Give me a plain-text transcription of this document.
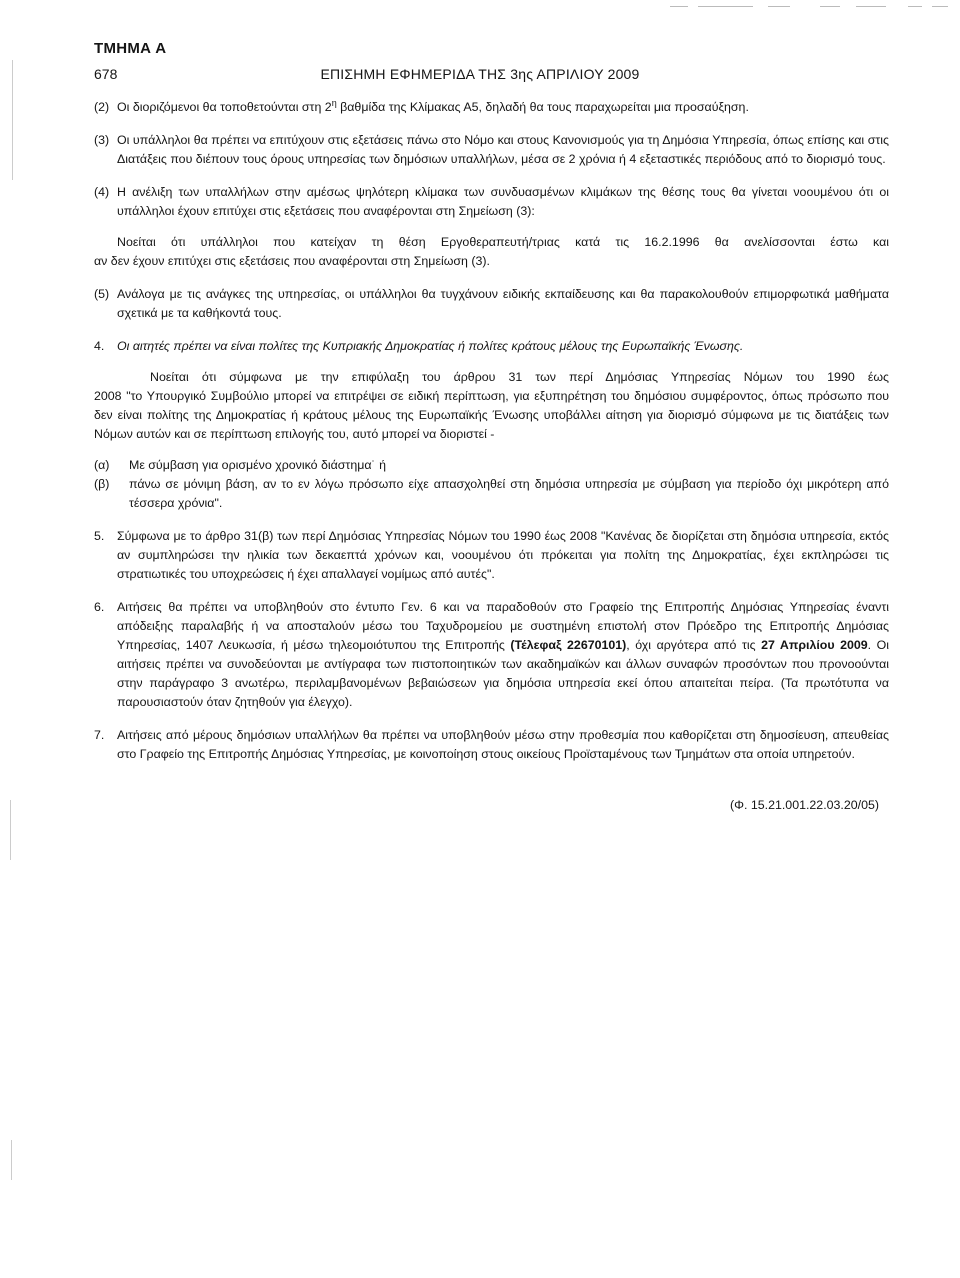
ΤΜΗΜΑ Α
678	ΕΠΙΣΗΜΗ ΕΦΗΜΕΡΙΔΑ ΤΗΣ 3ης ΑΠΡΙΛΙΟΥ 2009
(2) Οι διοριζόμενοι θα τοποθετούνται στη $2^\eta$ βαθμίδα της Κλίμακας Α5, δηλαδή θα τους παραχωρείται μια προσαύξηση.

(3) Οι υπάλληλοι θα πρέπει να επιτύχουν στις εξετάσεις πάνω στο Νόμο και στους Κανονισμούς για τη Δημόσια Υπηρεσία, όπως επίσης και στις Διατάξεις που διέπουν τους όρους υπηρεσίας των δημόσιων υπαλλήλων, μέσα σε 2 χρόνια ή 4 εξεταστικές περιόδους από το διορισμό τους.

(4) Η ανέλιξη των υπαλλήλων στην αμέσως ψηλότερη κλίμακα των συνδυασμένων κλιμάκων της θέσης τους θα γίνεται νοουμένου ότι οι υπάλληλοι έχουν επιτύχει στις εξετάσεις που αναφέρονται στη Σημείωση (3):

Νοείται ότι υπάλληλοι που κατείχαν τη θέση Εργοθεραπευτή/τριας κατά τις 16.2.1996 θα ανελίσσονται έστω και

αν δεν έχουν επιτύχει στις εξετάσεις που αναφέρονται στη Σημείωση (3).

(5) Ανάλογα με τις ανάγκες της υπηρεσίας, οι υπάλληλοι θα τυγχάνουν ειδικής εκπαίδευσης και θα παρακολουθούν επιμορφωτικά μαθήματα σχετικά με τα καθήκοντά τους.

4. Οι αιτητές πρέπει να είναι πολίτες της Κυπριακής Δημοκρατίας ή πολίτες κράτους μέλους της Ευρωπαϊκής Ένωσης.

Νοείται ότι σύμφωνα με την επιφύλαξη του άρθρου 31 των περί Δημόσιας Υπηρεσίας Νόμων του 1990 έως

2008 "το Υπουργικό Συμβούλιο μπορεί να επιτρέψει σε ειδική περίπτωση, για εξυπηρέτηση του δημόσιου συμφέροντος, όπως πρόσωπο που δεν είναι πολίτης της Δημοκρατίας ή κράτους μέλους της Ευρωπαϊκής Ένωσης υποβάλλει αίτηση για διορισμό σύμφωνα με τις διατάξεις των Νόμων αυτών και σε περίπτωση επιλογής του, αυτό μπορεί να διοριστεί -

(α) Με σύμβαση για ορισμένο χρονικό διάστημα˙ ή

(β) πάνω σε μόνιμη βάση, αν το εν λόγω πρόσωπο είχε απασχοληθεί στη δημόσια υπηρεσία με σύμβαση για περίοδο όχι μικρότερη από τέσσερα χρόνια".

5. Σύμφωνα με το άρθρο 31(β) των περί Δημόσιας Υπηρεσίας Νόμων του 1990 έως 2008 "Κανένας δε διορίζεται στη δημόσια υπηρεσία, εκτός αν συμπληρώσει την ηλικία των δεκαεπτά χρόνων και, νοουμένου ότι πρόκειται για πολίτη της Δημοκρατίας, έχει εκπληρώσει τις στρατιωτικές του υποχρεώσεις ή έχει απαλλαγεί νομίμως από αυτές".

6. Αιτήσεις θα πρέπει να υποβληθούν στο έντυπο Γεν. 6 και να παραδοθούν στο Γραφείο της Επιτροπής Δημόσιας Υπηρεσίας έναντι απόδειξης παραλαβής ή να αποσταλούν μέσω του Ταχυδρομείου με συστημένη επιστολή στον Πρόεδρο της Επιτροπής Δημόσιας Υπηρεσίας, 1407 Λευκωσία, ή μέσω τηλεομοιότυπου της Επιτροπής (Τέλεφαξ 22670101), όχι αργότερα από τις 27 Απριλίου 2009. Οι αιτήσεις πρέπει να συνοδεύονται με αντίγραφα των πιστοποιητικών των ακαδημαϊκών και άλλων συναφών προσόντων που προνοούνται στην παράγραφο 3 ανωτέρω, περιλαμβανομένων βεβαιώσεων για δημόσια υπηρεσία εκεί όπου απαιτείται πείρα. (Τα πρωτότυπα να παρουσιαστούν όταν ζητηθούν για έλεγχο).

7. Αιτήσεις από μέρους δημόσιων υπαλλήλων θα πρέπει να υποβληθούν μέσω στην προθεσμία που καθορίζεται στη δημοσίευση, απευθείας στο Γραφείο της Επιτροπής Δημόσιας Υπηρεσίας, με κοινοποίηση στους οικείους Προϊσταμένους των Τμημάτων στα οποία υπηρετούν.

(Φ. 15.21.001.22.03.20/05)
